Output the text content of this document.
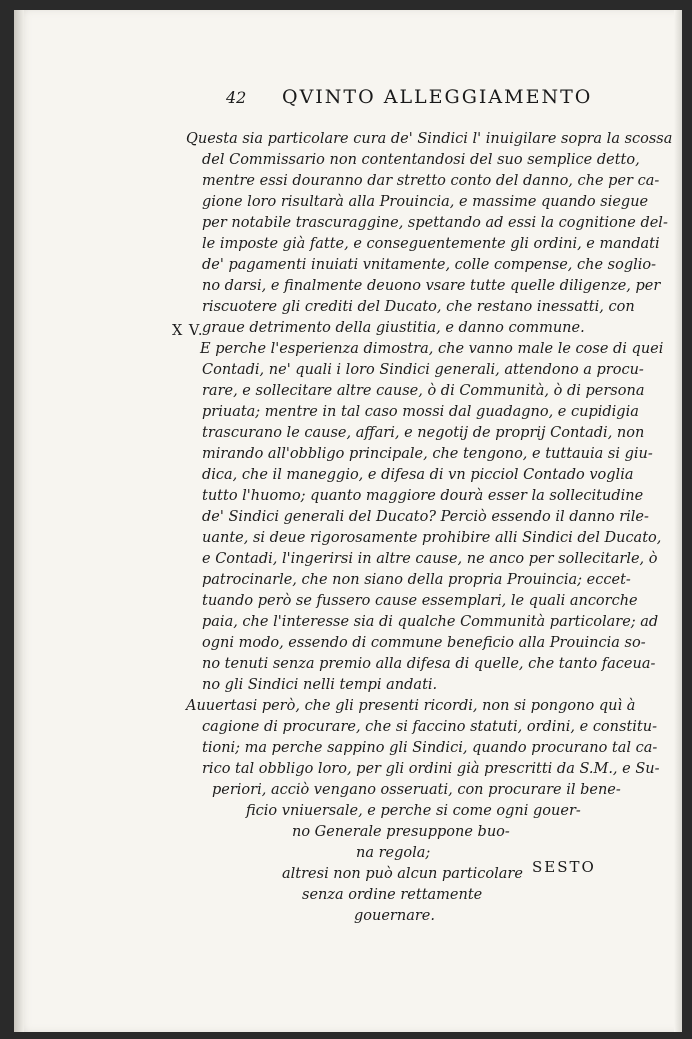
42 QVINTO ALLEGGIAMENTO
X V.
Questa sia particolare cura de' Sindici l' inuigilare sopra la scossa
del Commissario non contentandosi del suo semplice detto,
mentre essi douranno dar stretto conto del danno, che per ca-
gione loro risultarà alla Prouincia, e massime quando siegue
per notabile trascuraggine, spettando ad essi la cognitione del-
le imposte già fatte, e conseguentemente gli ordini, e mandati
de' pagamenti inuiati vnitamente, colle compense, che soglio-
no darsi, e finalmente deuono vsare tutte quelle diligenze, per
riscuotere gli crediti del Ducato, che restano inessatti, con
graue detrimento della giustitia, e danno commune.
E perche l'esperienza dimostra, che vanno male le cose di quei
Contadi, ne' quali i loro Sindici generali, attendono a procu-
rare, e sollecitare altre cause, ò di Communità, ò di persona
priuata; mentre in tal caso mossi dal guadagno, e cupidigia
trascurano le cause, affari, e negotij de proprij Contadi, non
mirando all'obbligo principale, che tengono, e tuttauia si giu-
dica, che il maneggio, e difesa di vn picciol Contado voglia
tutto l'huomo; quanto maggiore dourà esser la sollecitudine
de' Sindici generali del Ducato? Perciò essendo il danno rile-
uante, si deue rigorosamente prohibire alli Sindici del Ducato,
e Contadi, l'ingerirsi in altre cause, ne anco per sollecitarle, ò
patrocinarle, che non siano della propria Prouincia; eccet-
tuando però se fussero cause essemplari, le quali ancorche
paia, che l'interesse sia di qualche Communità particolare; ad
ogni modo, essendo di commune beneficio alla Prouincia so-
no tenuti senza premio alla difesa di quelle, che tanto faceua-
no gli Sindici nelli tempi andati.
Auuertasi però, che gli presenti ricordi, non si pongono quì à
cagione di procurare, che si faccino statuti, ordini, e constitu-
tioni; ma perche sappino gli Sindici, quando procurano tal ca-
rico tal obbligo loro, per gli ordini già prescritti da S.M., e Su-
periori, acciò vengano osseruati, con procurare il bene-
ficio vniuersale, e perche si come ogni gouer-
no Generale presuppone buo-
na regola;
altresi non può alcun particolare
senza ordine rettamente
gouernare.
SESTO
